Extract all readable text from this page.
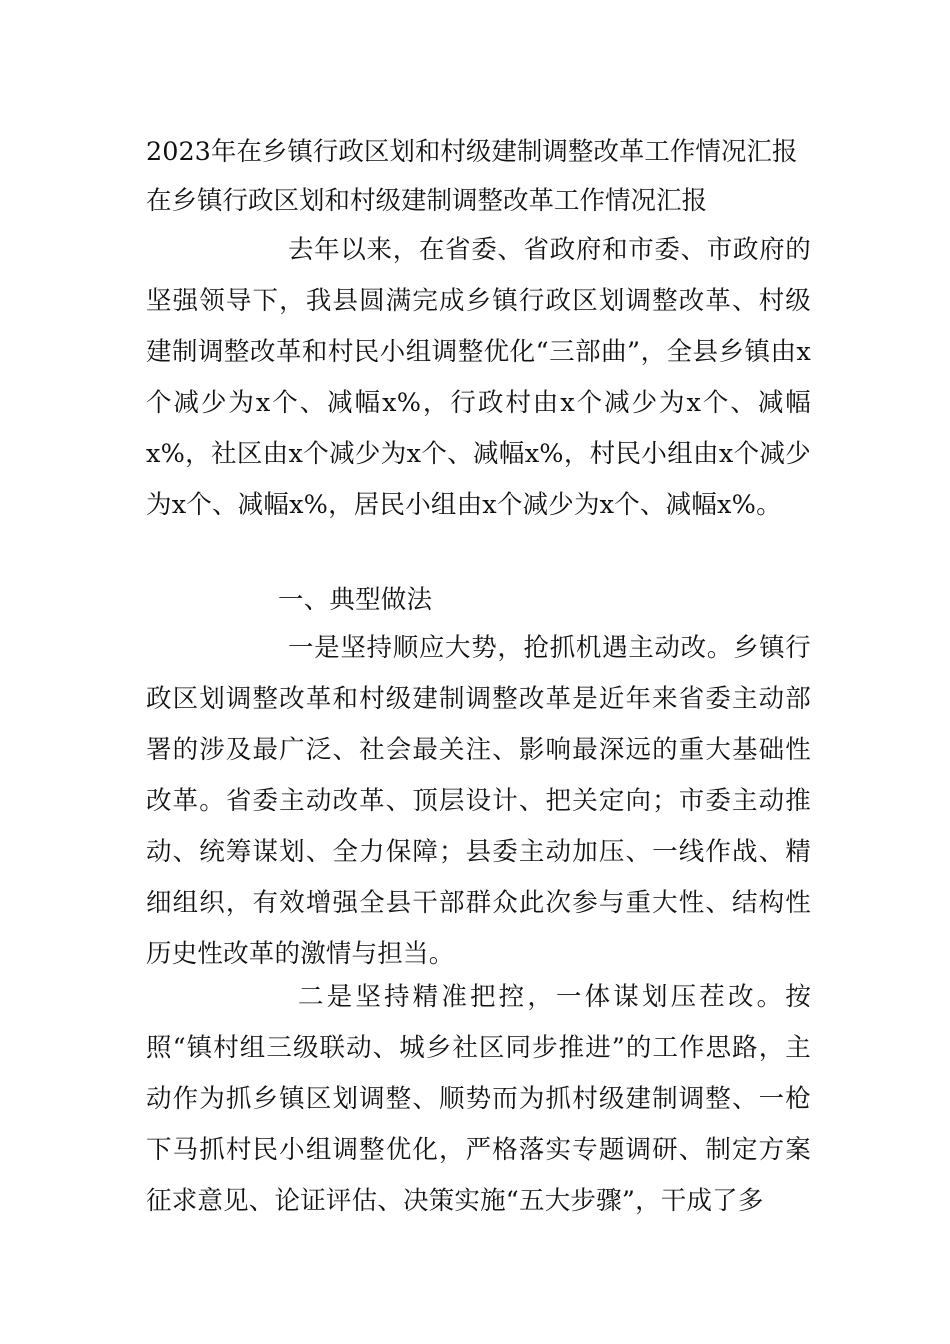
2023年在乡镇行政区划和村级建制调整改革工作情况汇报
在乡镇行政区划和村级建制调整改革工作情况汇报
去年以来，在省委、省政府和市委、市政府的坚强领导下，我县圆满完成乡镇行政区划调整改革、村级建制调整改革和村民小组调整优化“三部曲”，全县乡镇由x个减少为x个、减幅x%，行政村由x个减少为x个、减幅x%，社区由x个减少为x个、减幅x%，村民小组由x个减少为x个、减幅x%，居民小组由x个减少为x个、减幅x%。
一、典型做法
一是坚持顺应大势，抢抓机遇主动改。乡镇行政区划调整改革和村级建制调整改革是近年来省委主动部署的涉及最广泛、社会最关注、影响最深远的重大基础性改革。省委主动改革、顶层设计、把关定向；市委主动推动、统筹谋划、全力保障；县委主动加压、一线作战、精细组织，有效增强全县干部群众此次参与重大性、结构性历史性改革的激情与担当。
二是坚持精准把控，一体谋划压茬改。按照“镇村组三级联动、城乡社区同步推进”的工作思路，主动作为抓乡镇区划调整、顺势而为抓村级建制调整、一枪下马抓村民小组调整优化，严格落实专题调研、制定方案征求意见、论证评估、决策实施“五大步骤”，干成了多
